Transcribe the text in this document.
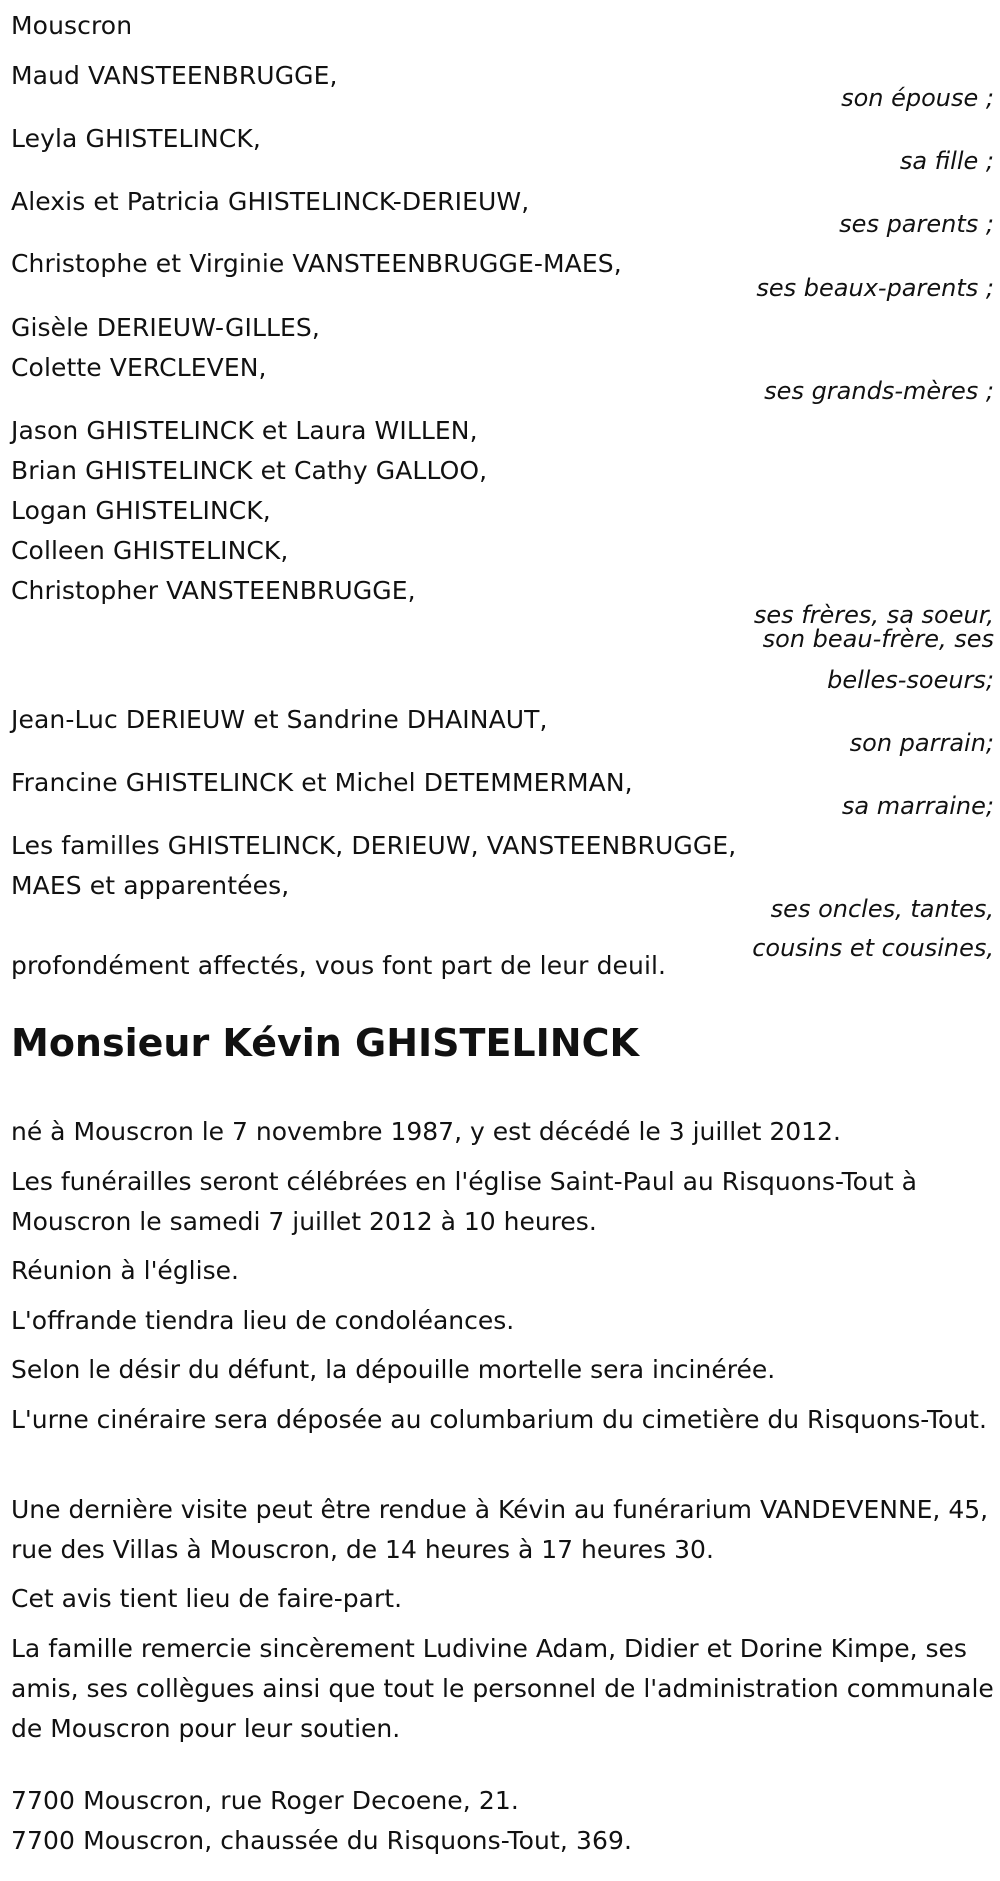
Mouscron
Maud VANSTEENBRUGGE,
son épouse ;
Leyla GHISTELINCK,
sa fille ;
Alexis et Patricia GHISTELINCK-DERIEUW,
ses parents ;
Christophe et Virginie VANSTEENBRUGGE-MAES,
ses beaux-parents ;
Gisèle DERIEUW-GILLES,
Colette VERCLEVEN,
ses grands-mères ;
Jason GHISTELINCK et Laura WILLEN,
Brian GHISTELINCK et Cathy GALLOO,
Logan GHISTELINCK,
Colleen GHISTELINCK,
Christopher VANSTEENBRUGGE,
ses frères, sa soeur,
son beau-frère, ses
belles-soeurs;
Jean-Luc DERIEUW et Sandrine DHAINAUT,
son parrain;
Francine GHISTELINCK et Michel DETEMMERMAN,
sa marraine;
Les familles GHISTELINCK, DERIEUW, VANSTEENBRUGGE,
MAES et apparentées,
ses oncles, tantes,
cousins et cousines,
profondément affectés, vous font part de leur deuil.
Monsieur Kévin GHISTELINCK
né à Mouscron le 7 novembre 1987, y est décédé le 3 juillet 2012.
Les funérailles seront célébrées en l'église Saint-Paul au Risquons-Tout à Mouscron le samedi 7 juillet 2012 à 10 heures.
Réunion à l'église.
L'offrande tiendra lieu de condoléances.
Selon le désir du défunt, la dépouille mortelle sera incinérée.
L'urne cinéraire sera déposée au columbarium du cimetière du Risquons-Tout.
Une dernière visite peut être rendue à Kévin au funérarium VANDEVENNE, 45, rue des Villas à Mouscron, de 14 heures à 17 heures 30.
Cet avis tient lieu de faire-part.
La famille remercie sincèrement Ludivine Adam, Didier et Dorine Kimpe, ses amis, ses collègues ainsi que tout le personnel de l'administration communale de Mouscron pour leur soutien.
7700 Mouscron, rue Roger Decoene, 21.
7700 Mouscron, chaussée du Risquons-Tout, 369.
